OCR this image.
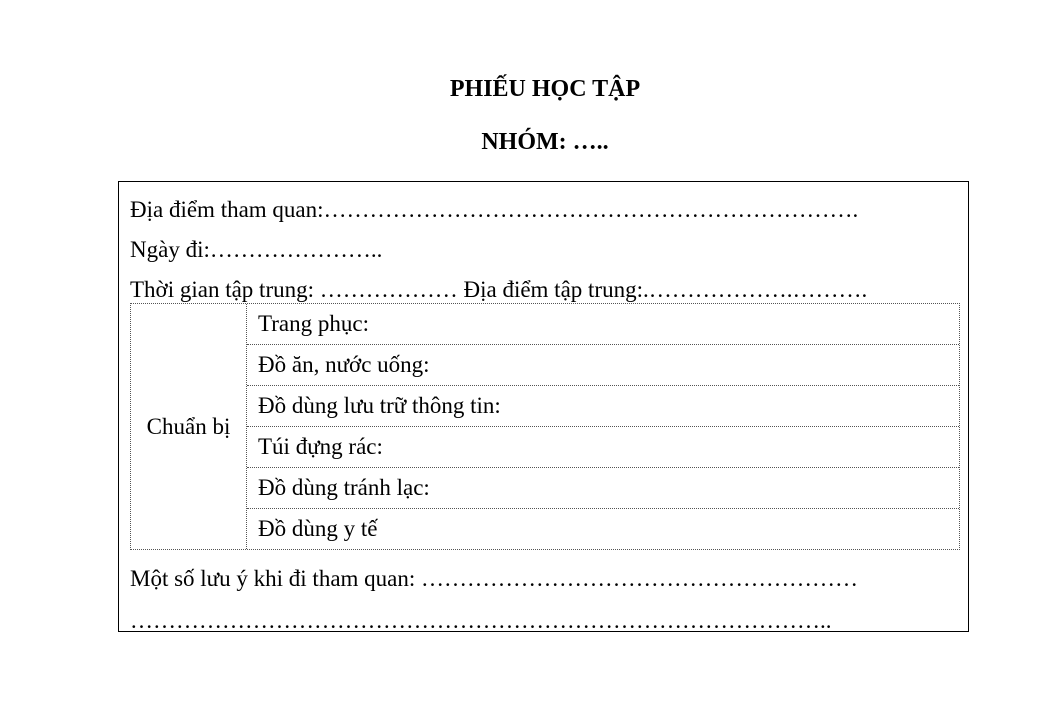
PHIẾU HỌC TẬP
NHÓM: …..
Địa điểm tham quan:…………………………………………………………….
Ngày đi:…………………..
Thời gian tập trung: ……………… Địa điểm tập trung:.……………….……….
Chuẩn bị
Trang phục:
Đồ ăn, nước uống:
Đồ dùng lưu trữ thông tin:
Túi đựng rác:
Đồ dùng tránh lạc:
Đồ dùng y tế
Một số lưu ý khi đi tham quan: …………………………………………………
………………………………………………………………………………..
